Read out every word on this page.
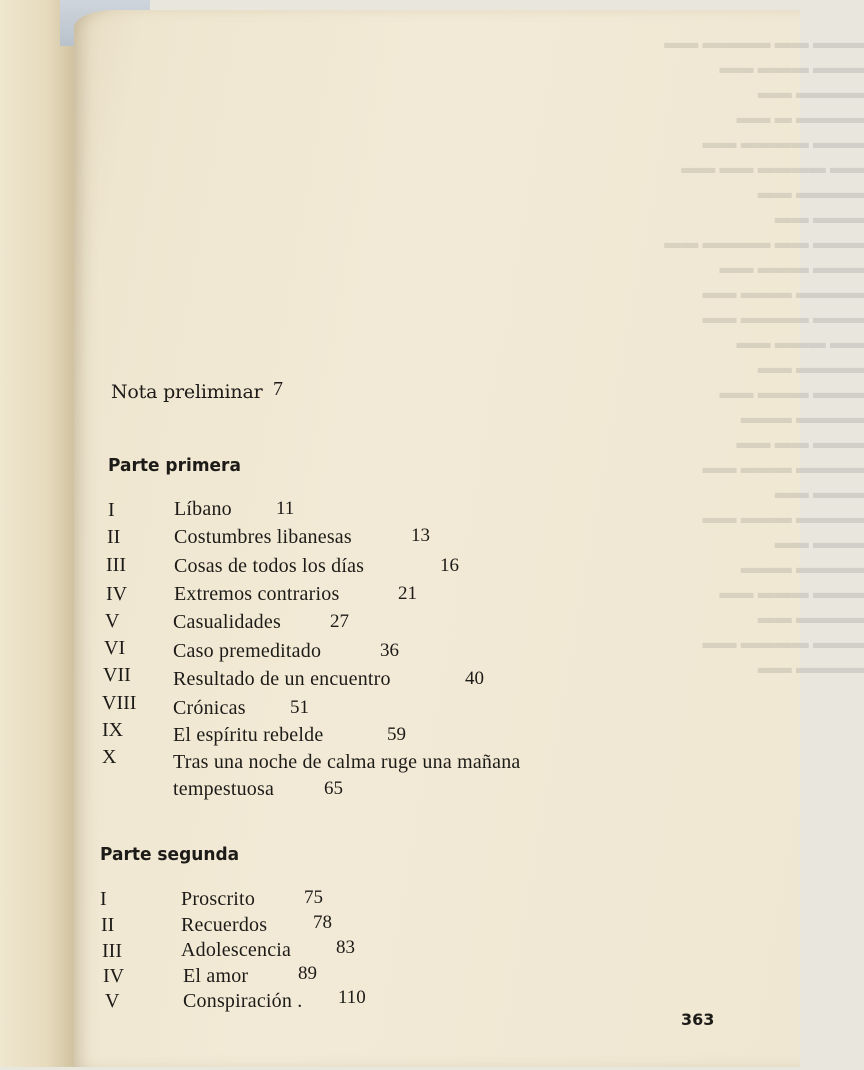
▬▬▬ ▬▬ ▬▬▬▬ ▬▬
▬▬▬ ▬▬▬ ▬▬
▬▬▬▬ ▬▬
▬▬▬▬ ▬ ▬▬
▬▬▬ ▬▬▬▬ ▬▬
▬▬ ▬▬▬▬ ▬▬ ▬▬
▬▬▬▬ ▬▬
▬▬▬ ▬▬
▬▬▬ ▬▬ ▬▬▬▬ ▬▬
▬▬▬ ▬▬▬ ▬▬
▬▬▬▬ ▬▬▬ ▬▬
▬▬▬ ▬▬▬▬ ▬▬
▬▬ ▬▬▬ ▬▬
▬▬▬▬ ▬▬
▬▬▬ ▬▬▬ ▬▬
▬▬▬▬ ▬▬▬
▬▬▬ ▬▬ ▬▬
▬▬▬▬ ▬▬▬ ▬▬
▬▬▬ ▬▬
▬▬▬▬ ▬▬▬ ▬▬
▬▬▬ ▬▬
▬▬▬▬ ▬▬▬
▬▬▬ ▬▬▬ ▬▬
▬▬▬▬ ▬▬
▬▬▬ ▬▬▬▬ ▬▬
▬▬▬▬ ▬▬
Nota preliminar 7
Parte primera
I	Líbano 11
II	Costumbres libanesas	13
III Cosas de todos los días	16
IV Extremos contrarios	21
V	Casualidades	27
VI Caso premeditado	36
VII Resultado de un encuentro	40
VIII Crónicas 51
IX El espíritu rebelde	59
X	Tras una noche de calma ruge una mañana
tempestuosa	65
Parte segunda
I	Proscrito	75
II	Recuerdos 78
III	Adolescencia 83
IV	El amor	89
V	Conspiración . 110
363
